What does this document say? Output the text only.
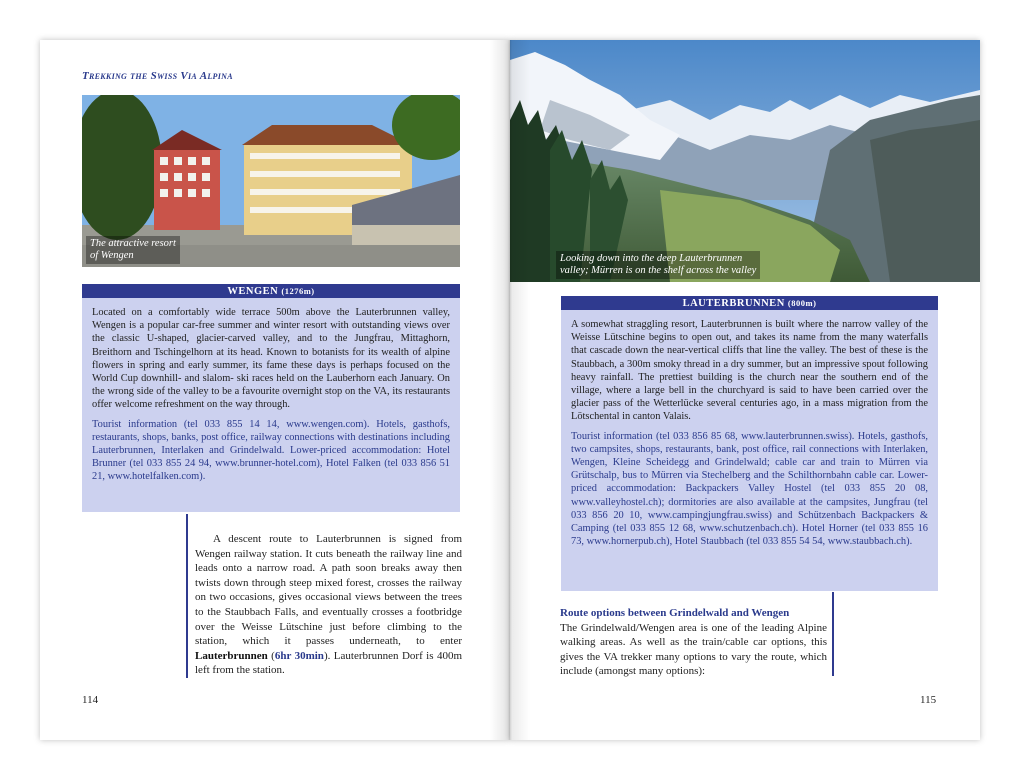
Looking down into the deep Lauterbrunnen
valley; Mürren is on the shelf across the valley
Trekking the Swiss Via Alpina
The attractive resort
of Wengen
WENGEN (1276m)

Located on a comfortably wide terrace 500m above the Lauterbrunnen valley, Wengen is a popular car-free summer and winter resort with outstanding views over the classic U-shaped, glacier-carved valley, and to the Jungfrau, Mittaghorn, Breithorn and Tschingelhorn at its head. Known to botanists for its wealth of alpine flowers in spring and early summer, its fame these days is perhaps focused on the World Cup downhill- and slalom- ski races held on the Lauberhorn each January. On the wrong side of the valley to be a favourite overnight stop on the VA, its restaurants offer welcome refreshment on the way through.

Tourist information (tel 033 855 14 14, www.wengen.com). Hotels, gasthofs, restaurants, shops, banks, post office, railway connections with destinations including Lauterbrunnen, Interlaken and Grindelwald. Lower-priced accommodation: Hotel Brunner (tel 033 855 24 94, www.brunner-hotel.com), Hotel Falken (tel 033 856 51 21, www.hotelfalken.com).

A descent route to Lauterbrunnen is signed from Wengen railway station. It cuts beneath the railway line and leads onto a narrow road. A path soon breaks away then twists down through steep mixed forest, crosses the railway on two occasions, gives occasional views between the trees to the Staubbach Falls, and eventually crosses a footbridge over the Weisse Lütschine just before climbing to the station, which it passes underneath, to enter Lauterbrunnen (6hr 30min). Lauterbrunnen Dorf is 400m left from the station.
114
LAUTERBRUNNEN (800m)

A somewhat straggling resort, Lauterbrunnen is built where the narrow valley of the Weisse Lütschine begins to open out, and takes its name from the many waterfalls that cascade down the near-vertical cliffs that line the valley. The best of these is the Staubbach, a 300m smoky thread in a dry summer, but an impressive spout following heavy rainfall. The prettiest building is the church near the southern end of the village, where a large bell in the churchyard is said to have been carried over the glacier pass of the Wetterlücke several centuries ago, in a mass migration from the Lötschental in canton Valais.

Tourist information (tel 033 856 85 68, www.lauterbrunnen.swiss). Hotels, gasthofs, two campsites, shops, restaurants, bank, post office, rail connections with Interlaken, Wengen, Kleine Scheidegg and Grindelwald; cable car and train to Mürren via Grütschalp, bus to Mürren via Stechelberg and the Schilthornbahn cable car. Lower-priced accommodation: Backpackers Valley Hostel (tel 033 855 20 08, www.valleyhostel.ch); dormitories are also available at the campsites, Jungfrau (tel 033 856 20 10, www.campingjungfrau.swiss) and Schützenbach Backpackers & Camping (tel 033 855 12 68, www.schutzenbach.ch). Hotel Horner (tel 033 855 16 73, www.hornerpub.ch), Hotel Staubbach (tel 033 855 54 54, www.staubbach.ch).

Route options between Grindelwald and Wengen
The Grindelwald/Wengen area is one of the leading Alpine walking areas. As well as the train/cable car options, this gives the VA trekker many options to vary the route, which include (amongst many options):
115
